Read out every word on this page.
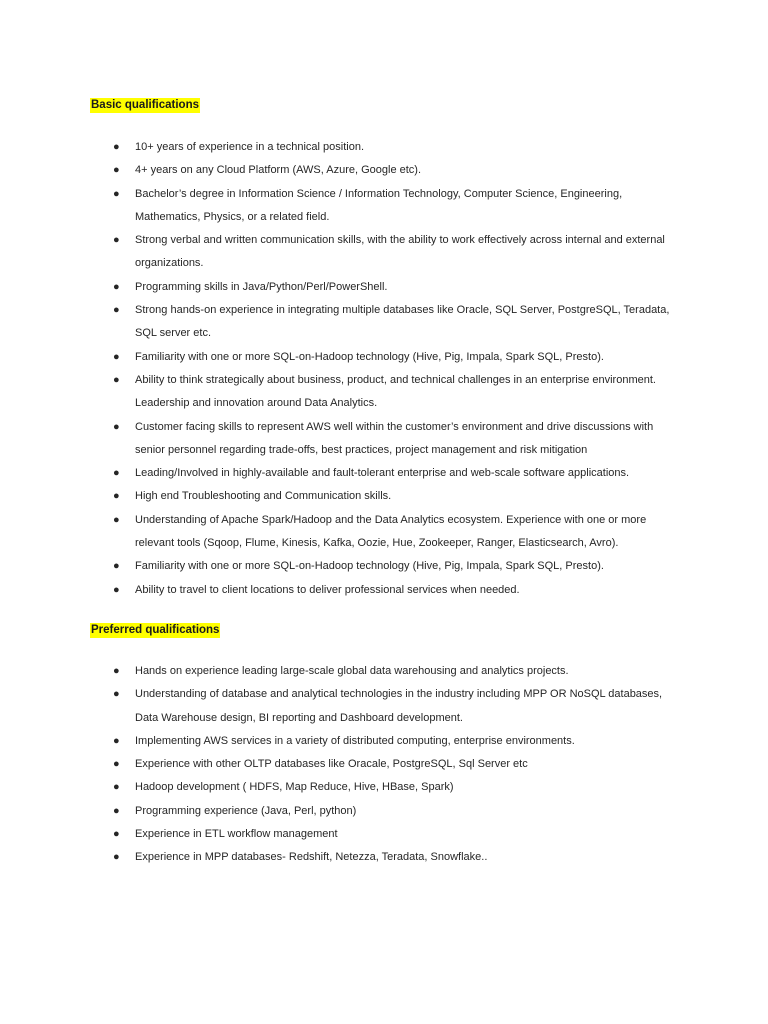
Basic qualifications
● 10+ years of experience in a technical position.
● 4+ years on any Cloud Platform (AWS, Azure, Google etc).
● Bachelor’s degree in Information Science / Information Technology, Computer Science, Engineering, Mathematics, Physics, or a related field.
● Strong verbal and written communication skills, with the ability to work effectively across internal and external organizations.
● Programming skills in Java/Python/Perl/PowerShell.
● Strong hands-on experience in integrating multiple databases like Oracle, SQL Server, PostgreSQL, Teradata, SQL server etc.
● Familiarity with one or more SQL-on-Hadoop technology (Hive, Pig, Impala, Spark SQL, Presto).
● Ability to think strategically about business, product, and technical challenges in an enterprise environment. Leadership and innovation around Data Analytics.
● Customer facing skills to represent AWS well within the customer’s environment and drive discussions with senior personnel regarding trade-offs, best practices, project management and risk mitigation
● Leading/Involved in highly-available and fault-tolerant enterprise and web-scale software applications.
● High end Troubleshooting and Communication skills.
● Understanding of Apache Spark/Hadoop and the Data Analytics ecosystem. Experience with one or more relevant tools (Sqoop, Flume, Kinesis, Kafka, Oozie, Hue, Zookeeper, Ranger, Elasticsearch, Avro).
● Familiarity with one or more SQL-on-Hadoop technology (Hive, Pig, Impala, Spark SQL, Presto).
● Ability to travel to client locations to deliver professional services when needed.
Preferred qualifications
● Hands on experience leading large-scale global data warehousing and analytics projects.
● Understanding of database and analytical technologies in the industry including MPP OR NoSQL databases, Data Warehouse design, BI reporting and Dashboard development.
● Implementing AWS services in a variety of distributed computing, enterprise environments.
● Experience with other OLTP databases like Oracale, PostgreSQL, Sql Server etc
● Hadoop development ( HDFS, Map Reduce, Hive, HBase, Spark)
● Programming experience (Java, Perl, python)
● Experience in ETL workflow management
● Experience in MPP databases- Redshift, Netezza, Teradata, Snowflake..
